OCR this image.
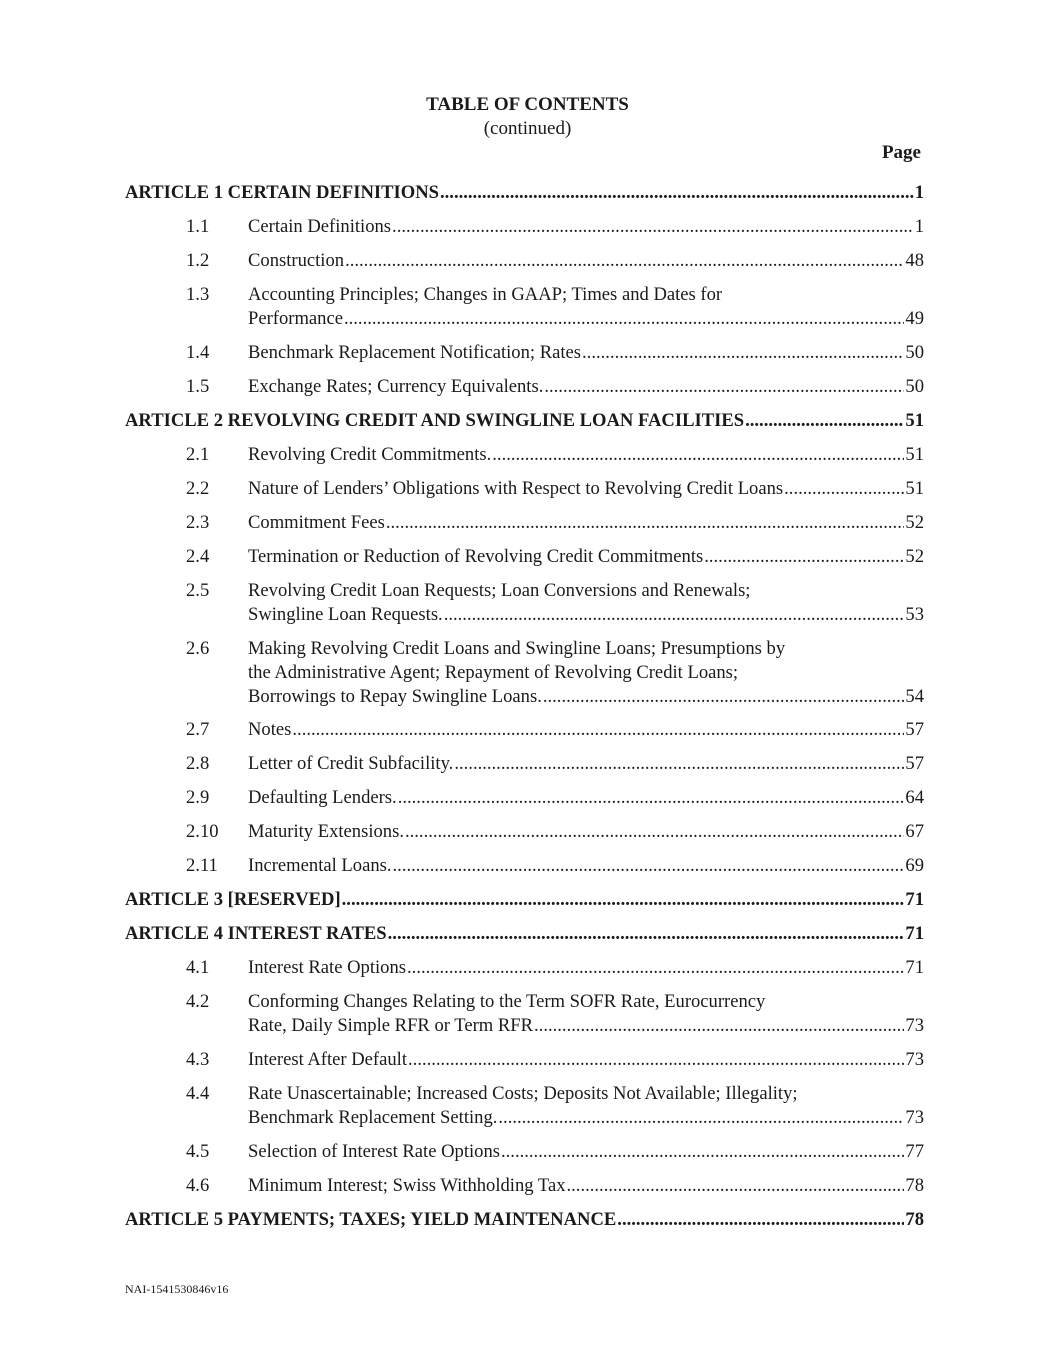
TABLE OF CONTENTS
(continued)
Page
ARTICLE 1 CERTAIN DEFINITIONS .....	1
1.1 Certain Definitions .....	1
1.2 Construction .....	48
1.3 Accounting Principles; Changes in GAAP; Times and Dates for
Performance .....	49
1.4 Benchmark Replacement Notification; Rates .....	50
1.5 Exchange Rates; Currency Equivalents. .....	50
ARTICLE 2 REVOLVING CREDIT AND SWINGLINE LOAN FACILITIES .....	51
2.1 Revolving Credit Commitments. .....	51
2.2 Nature of Lenders’ Obligations with Respect to Revolving Credit Loans .....	51
2.3 Commitment Fees .....	52
2.4 Termination or Reduction of Revolving Credit Commitments .....	52
2.5 Revolving Credit Loan Requests; Loan Conversions and Renewals;
Swingline Loan Requests. .....	53
2.6 Making Revolving Credit Loans and Swingline Loans; Presumptions by
the Administrative Agent; Repayment of Revolving Credit Loans;
Borrowings to Repay Swingline Loans. .....	54
2.7 Notes .....	57
2.8 Letter of Credit Subfacility. .....	57
2.9 Defaulting Lenders. .....	64
2.10 Maturity Extensions. .....	67
2.11 Incremental Loans. .....	69
ARTICLE 3 [RESERVED] .....	71
ARTICLE 4 INTEREST RATES .....	71
4.1 Interest Rate Options .....	71
4.2 Conforming Changes Relating to the Term SOFR Rate, Eurocurrency
Rate, Daily Simple RFR or Term RFR .....	73
4.3 Interest After Default .....	73
4.4 Rate Unascertainable; Increased Costs; Deposits Not Available; Illegality;
Benchmark Replacement Setting. .....	73
4.5 Selection of Interest Rate Options .....	77
4.6 Minimum Interest; Swiss Withholding Tax .....	78
ARTICLE 5 PAYMENTS; TAXES; YIELD MAINTENANCE .....	78
NAI-1541530846v16
